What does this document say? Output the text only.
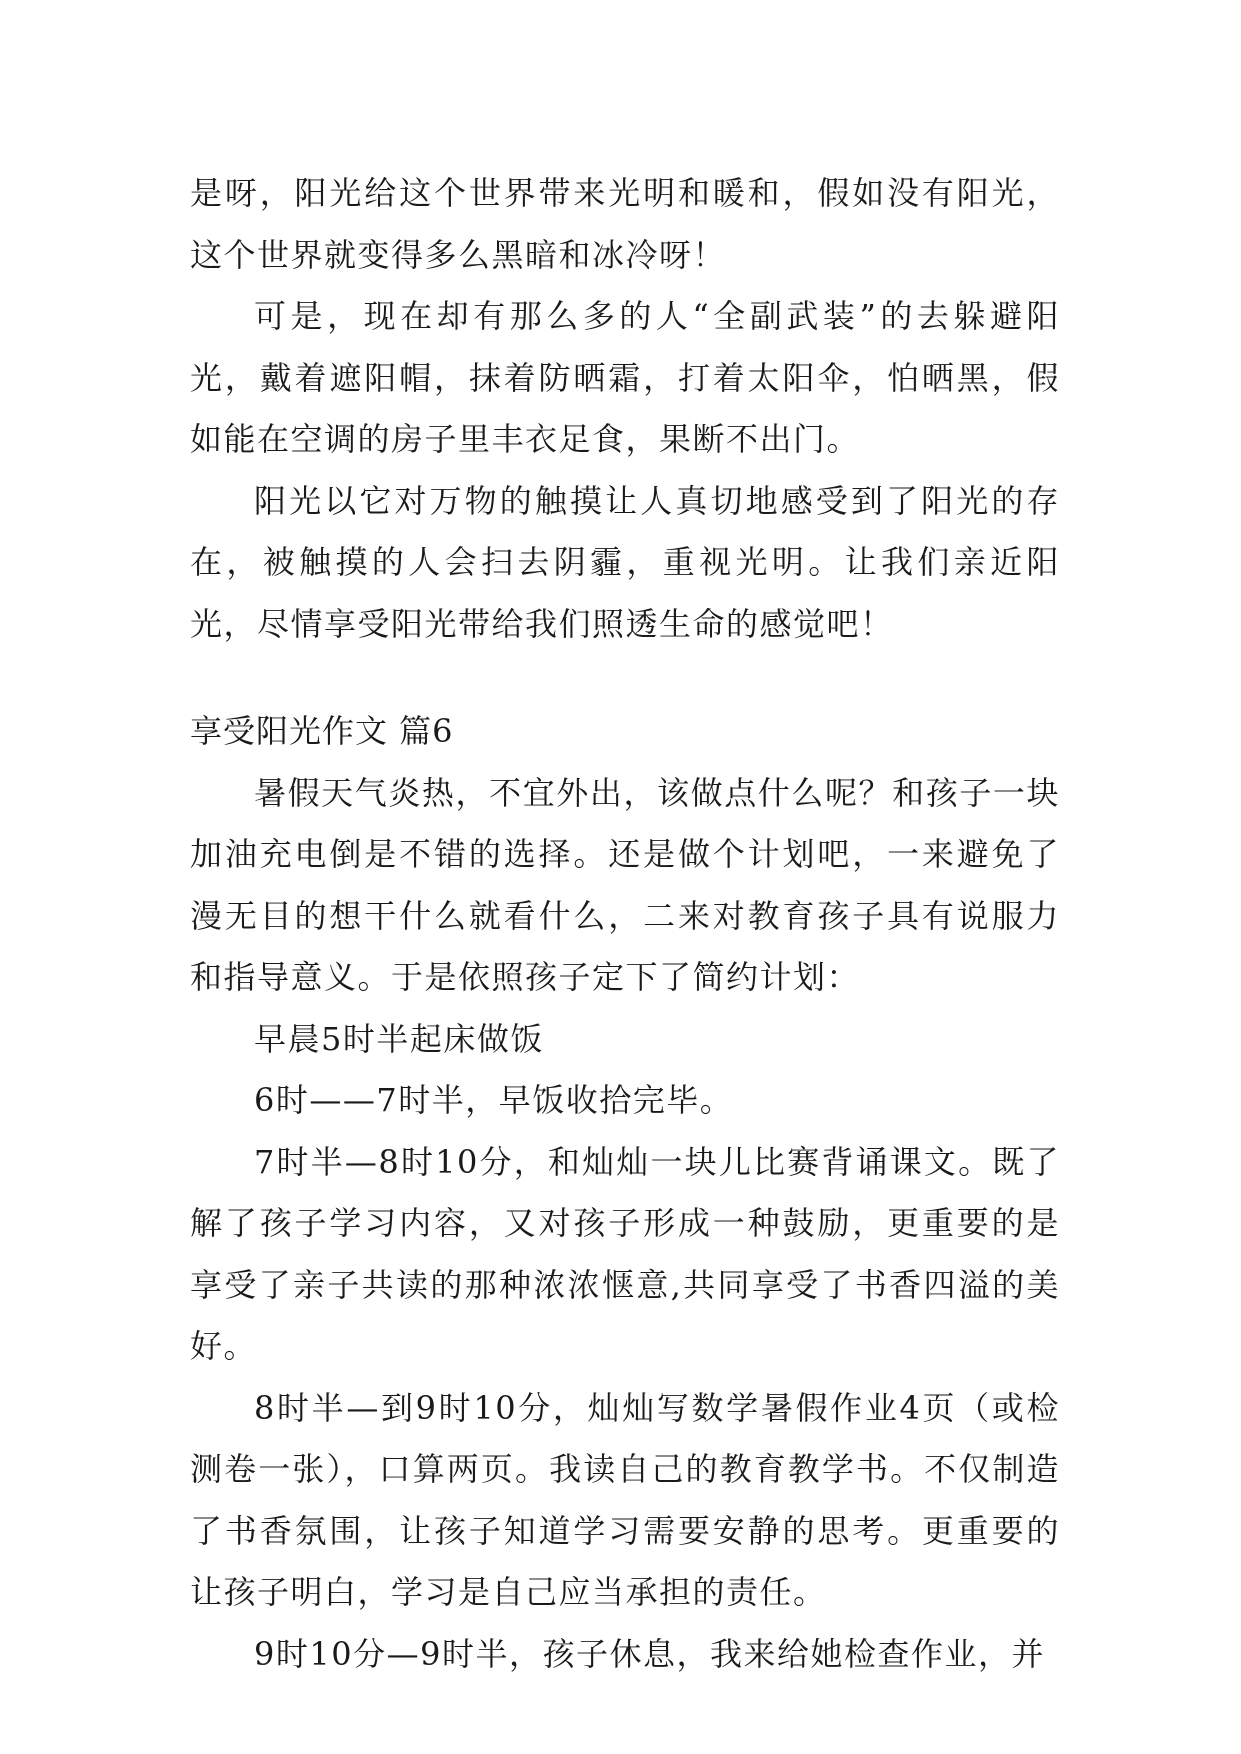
是呀，阳光给这个世界带来光明和暖和，假如没有阳光，这个世界就变得多么黑暗和冰冷呀！

可是，现在却有那么多的人“全副武装”的去躲避阳光，戴着遮阳帽，抹着防晒霜，打着太阳伞，怕晒黑，假如能在空调的房子里丰衣足食，果断不出门。

阳光以它对万物的触摸让人真切地感受到了阳光的存在，被触摸的人会扫去阴霾，重视光明。让我们亲近阳光，尽情享受阳光带给我们照透生命的感觉吧！

享受阳光作文 篇6

暑假天气炎热，不宜外出，该做点什么呢？和孩子一块加油充电倒是不错的选择。还是做个计划吧，一来避免了漫无目的想干什么就看什么，二来对教育孩子具有说服力和指导意义。于是依照孩子定下了简约计划：

早晨5时半起床做饭

6时——7时半，早饭收拾完毕。

7时半—8时10分，和灿灿一块儿比赛背诵课文。既了解了孩子学习内容，又对孩子形成一种鼓励，更重要的是享受了亲子共读的那种浓浓惬意,共同享受了书香四溢的美好。

8时半—到9时10分，灿灿写数学暑假作业4页（或检测卷一张），口算两页。我读自己的教育教学书。不仅制造了书香氛围，让孩子知道学习需要安静的思考。更重要的让孩子明白，学习是自己应当承担的责任。

9时10分—9时半，孩子休息，我来给她检查作业，并
